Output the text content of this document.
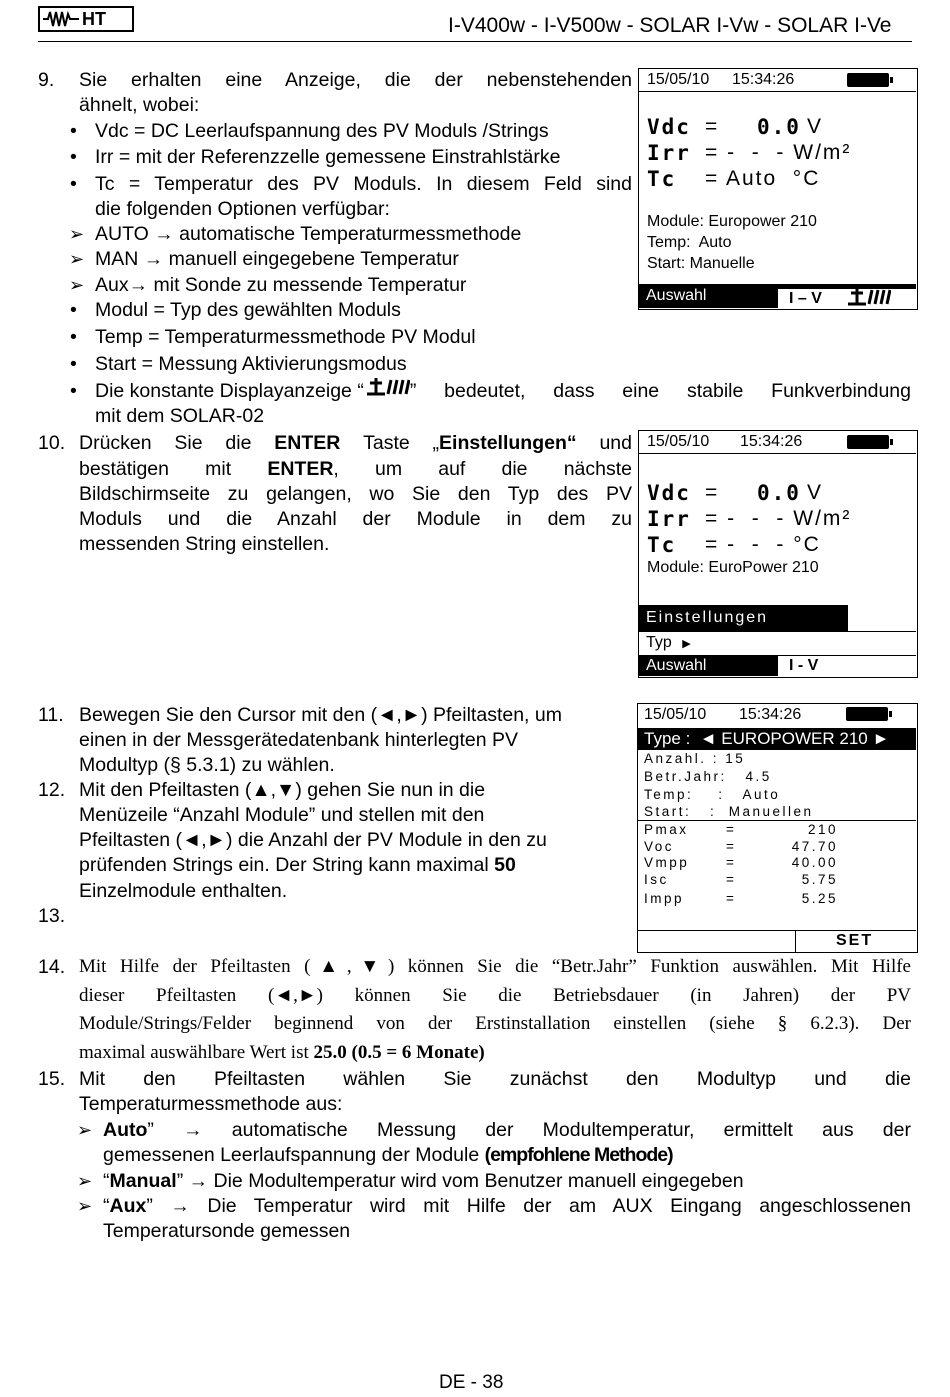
HT	I-V400w - I-V500w - SOLAR I-Vw - SOLAR I-Ve
9. Sie erhalten eine Anzeige, die der nebenstehenden
ähnelt, wobei:
• Vdc = DC Leerlaufspannung des PV Moduls /Strings
• Irr = mit der Referenzzelle gemessene Einstrahlstärke
• Tc = Temperatur des PV Moduls. In diesem Feld sind
die folgenden Optionen verfügbar:
➢ AUTO → automatische Temperaturmessmethode
➢ MAN → manuell eingegebene Temperatur
➢ Aux→ mit Sonde zu messende Temperatur
• Modul = Typ des gewählten Moduls
• Temp = Temperaturmessmethode PV Modul
• Start = Messung Aktivierungsmodus
• Die konstante Displayanzeige “ ” bedeutet, dass eine stabile Funkverbindung
mit dem SOLAR-02
15/05/10 15:34:26
Vdc = 0.0 V
Irr = -  -  - W/m²
Tc = Auto  °C
Module: Europower 210
Temp:  Auto
Start: Manuelle
Auswahl	I – V
10. Drücken Sie die ENTER Taste „Einstellungen“ und
bestätigen mit ENTER, um auf die nächste
Bildschirmseite zu gelangen, wo Sie den Typ des PV
Moduls und die Anzahl der Module in dem zu
messenden String einstellen.
15/05/10 15:34:26
Vdc = 0.0 V
Irr = -  -  - W/m²
Tc = -  -  - °C
Module: EuroPower 210
Einstellungen
Typ ▶
Auswahl	I - V
11. Bewegen Sie den Cursor mit den (◄,►) Pfeiltasten, um
einen in der Messgerätedatenbank hinterlegten PV
Modultyp (§ 5.3.1) zu wählen.
12. Mit den Pfeiltasten (▲,▼) gehen Sie nun in die
Menüzeile “Anzahl Module” und stellen mit den
Pfeiltasten (◄,►) die Anzahl der PV Module in den zu
prüfenden Strings ein. Der String kann maximal 50
Einzelmodule enthalten.
13.
15/05/10 15:34:26
Type :  ◄ EUROPOWER 210 ►
Anzahl. : 15
Betr.Jahr:   4.5
Temp:    :   Auto
Start:   :  Manuellen
Pmax	=	210
Voc	=	47.70
Vmpp	=	40.00
Isc	=	5.75
Impp	=	5.25
SET
14. Mit Hilfe der Pfeiltasten (▲,▼) können Sie die “Betr.Jahr” Funktion auswählen. Mit Hilfe
dieser Pfeiltasten (◄,►) können Sie die Betriebsdauer (in Jahren) der PV
Module/Strings/Felder beginnend von der Erstinstallation einstellen (siehe § 6.2.3). Der
maximal auswählbare Wert ist 25.0 (0.5 = 6 Monate)
15. Mit den Pfeiltasten wählen Sie zunächst den Modultyp und die
Temperaturmessmethode aus:
➢ Auto ” → automatische Messung der Modultemperatur, ermittelt aus der
gemessenen Leerlaufspannung der Module (empfohlene Methode)
➢ “Manual” → Die Modultemperatur wird vom Benutzer manuell eingegeben
➢ “ Aux ” → Die Temperatur wird mit Hilfe der am AUX Eingang angeschlossenen
Temperatursonde gemessen
DE - 38
